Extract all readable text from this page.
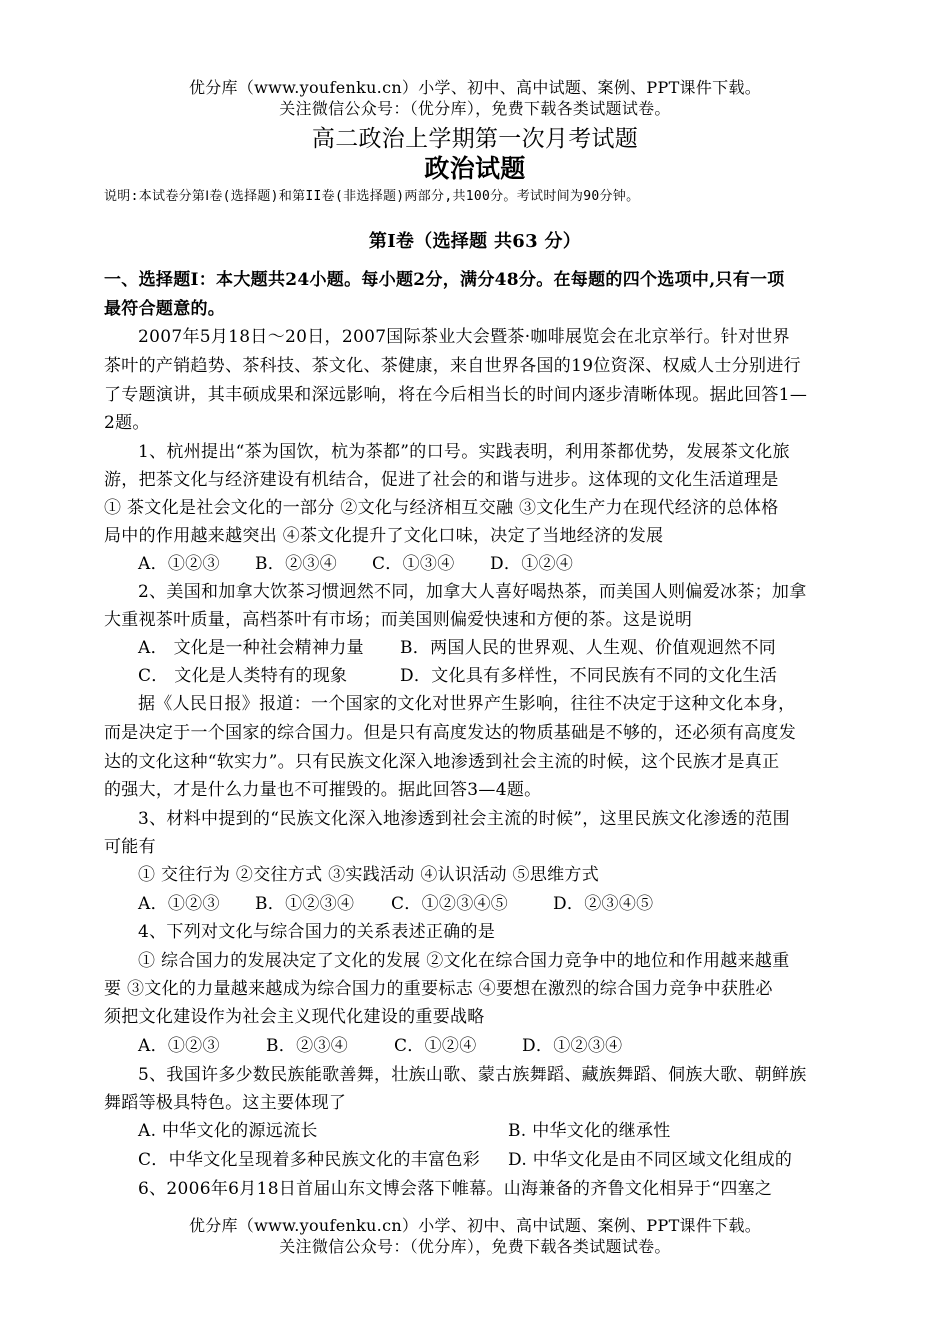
优分库（www.youfenku.cn）小学、初中、高中试题、案例、PPT课件下载。
关注微信公众号：（优分库），免费下载各类试题试卷。
高二政治上学期第一次月考试题
政治试题
说明:本试卷分第Ⅰ卷(选择题)和第II卷(非选择题)两部分,共100分。考试时间为90分钟。
第Ⅰ卷（选择题 共63 分）
一、选择题Ⅰ：本大题共24小题。每小题2分，满分48分。在每题的四个选项中,只有一项
最符合题意的。
2007年5月18日～20日，2007国际茶业大会暨茶·咖啡展览会在北京举行。针对世界
茶叶的产销趋势、茶科技、茶文化、茶健康，来自世界各国的19位资深、权威人士分别进行
了专题演讲，其丰硕成果和深远影响，将在今后相当长的时间内逐步清晰体现。据此回答1—
2题。
1、杭州提出“茶为国饮，杭为茶都”的口号。实践表明，利用茶都优势，发展茶文化旅
游，把茶文化与经济建设有机结合，促进了社会的和谐与进步。这体现的文化生活道理是
① 茶文化是社会文化的一部分 ②文化与经济相互交融 ③文化生产力在现代经济的总体格
局中的作用越来越突出 ④茶文化提升了文化口味，决定了当地经济的发展
A．①②③ B．②③④ C．①③④ D．①②④
2、美国和加拿大饮茶习惯迥然不同，加拿大人喜好喝热茶，而美国人则偏爱冰茶；加拿
大重视茶叶质量，高档茶叶有市场；而美国则偏爱快速和方便的茶。这是说明
A． 文化是一种社会精神力量 B．两国人民的世界观、人生观、价值观迥然不同
C． 文化是人类特有的现象	D．文化具有多样性，不同民族有不同的文化生活
据《人民日报》报道：一个国家的文化对世界产生影响，往往不决定于这种文化本身，
而是决定于一个国家的综合国力。但是只有高度发达的物质基础是不够的，还必须有高度发
达的文化这种“软实力”。只有民族文化深入地渗透到社会主流的时候，这个民族才是真正
的强大，才是什么力量也不可摧毁的。据此回答3—4题。
3、材料中提到的“民族文化深入地渗透到社会主流的时候”，这里民族文化渗透的范围
可能有
① 交往行为 ②交往方式 ③实践活动 ④认识活动 ⑤思维方式
A．①②③ B．①②③④ C．①②③④⑤	D．②③④⑤
4、下列对文化与综合国力的关系表述正确的是
① 综合国力的发展决定了文化的发展 ②文化在综合国力竞争中的地位和作用越来越重
要 ③文化的力量越来越成为综合国力的重要标志 ④要想在激烈的综合国力竞争中获胜必
须把文化建设作为社会主义现代化建设的重要战略
A．①②③	B．②③④	C．①②④	D．①②③④
5、我国许多少数民族能歌善舞，壮族山歌、蒙古族舞蹈、藏族舞蹈、侗族大歌、朝鲜族
舞蹈等极具特色。这主要体现了
A. 中华文化的源远流长	B. 中华文化的继承性
C．中华文化呈现着多种民族文化的丰富色彩 D. 中华文化是由不同区域文化组成的
6、2006年6月18日首届山东文博会落下帷幕。山海兼备的齐鲁文化相异于“四塞之
优分库（www.youfenku.cn）小学、初中、高中试题、案例、PPT课件下载。
关注微信公众号：（优分库），免费下载各类试题试卷。
